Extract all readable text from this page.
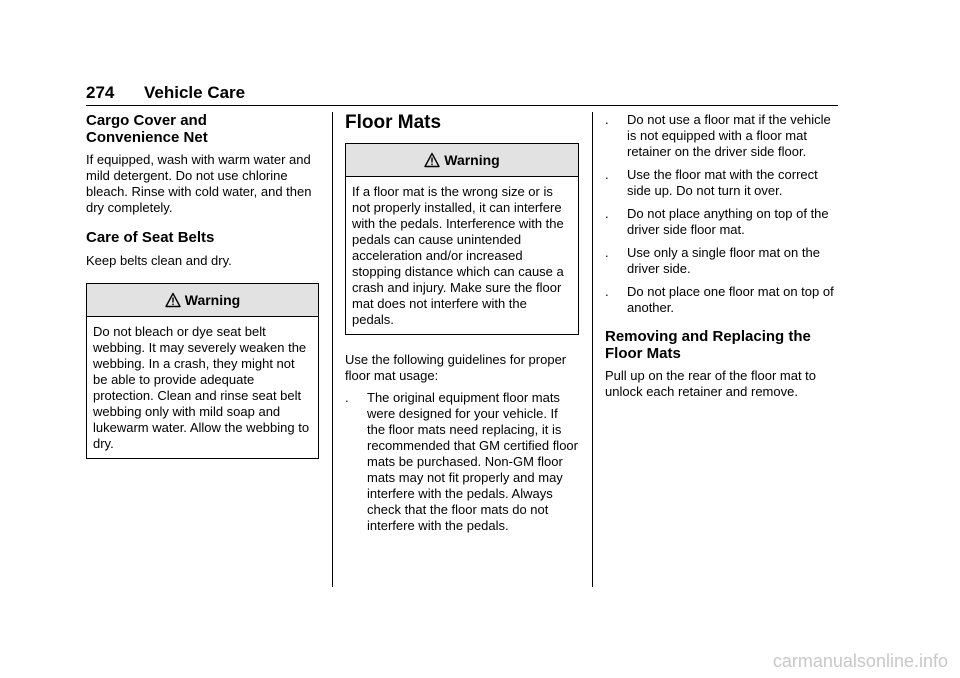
274 Vehicle Care
Cargo Cover and
Convenience Net

If equipped, wash with warm water and mild detergent. Do not use chlorine bleach. Rinse with cold water, and then dry completely.

Care of Seat Belts

Keep belts clean and dry.

Warning
Do not bleach or dye seat belt webbing. It may severely weaken the webbing. In a crash, they might not be able to provide adequate protection. Clean and rinse seat belt webbing only with mild soap and lukewarm water. Allow the webbing to dry.
Floor Mats
Warning
If a floor mat is the wrong size or is not properly installed, it can interfere with the pedals. Interference with the pedals can cause unintended acceleration and/or increased stopping distance which can cause a crash and injury. Make sure the floor mat does not interfere with the pedals.

Use the following guidelines for proper floor mat usage:

. The original equipment floor mats were designed for your vehicle. If the floor mats need replacing, it is recommended that GM certified floor mats be purchased. Non-GM floor mats may not fit properly and may interfere with the pedals. Always check that the floor mats do not interfere with the pedals.
. Do not use a floor mat if the vehicle is not equipped with a floor mat retainer on the driver side floor.
. Use the floor mat with the correct side up. Do not turn it over.
. Do not place anything on top of the driver side floor mat.
. Use only a single floor mat on the driver side.
. Do not place one floor mat on top of another.
Removing and Replacing the
Floor Mats

Pull up on the rear of the floor mat to unlock each retainer and remove.

carmanualsonline.info
